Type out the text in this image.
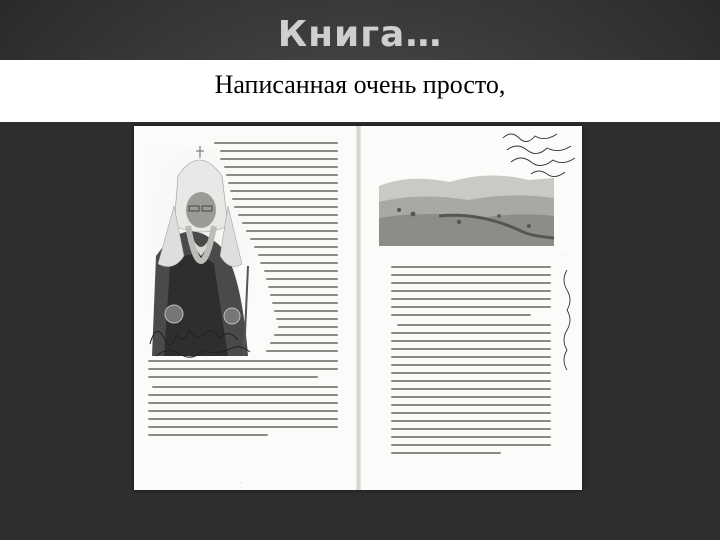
Книга…
Написанная очень просто,
·
·
